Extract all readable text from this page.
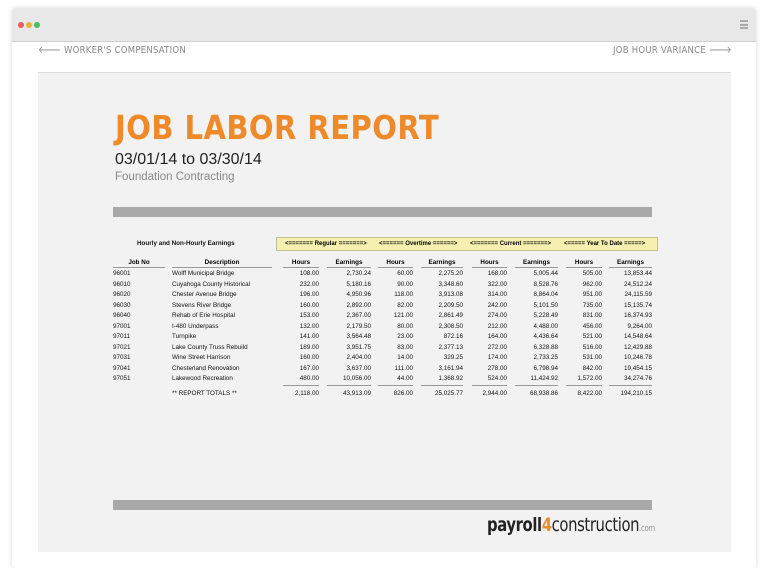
🡐 WORKER'S COMPENSATION	JOB HOUR VARIANCE 🡒
JOB LABOR REPORT
03/01/14 to 03/30/14
Foundation Contracting
Hourly and Non-Hourly Earnings	<======= Regular =======> <====== Overtime ======> <======= Current =======> <===== Year To Date =====>
Job No	Description	Hours	Earnings	Hours	Earnings	Hours	Earnings	Hours	Earnings
96001	Wolff Municipal Bridge	108.00	2,730.24	60.00	2,275.20	168.00	5,005.44	505.00	13,853.44
96010	Cuyahoga County Historical	232.00	5,180.16	90.00	3,348.60	322.00	8,528.76	962.00	24,512.24
96020	Chester Avenue Bridge	196.00	4,950.96	118.00	3,913.08	314.00	8,864.04	951.00	24,115.59
96030	Stevens River Bridge	160.00	2,892.00	82.00	2,209.50	242.00	5,101.50	735.00	15,135.74
96040	Rehab of Erie Hospital	153.00	2,367.00	121.00	2,861.49	274.00	5,228.49	831.00	16,374.93
97001	I-480 Underpass	132.00	2,179.50	80.00	2,308.50	212.00	4,488.00	456.00	9,264.00
97011	Turnpike	141.00	3,564.48	23.00	872.16	164.00	4,436.64	521.00	14,548.64
97021	Lake County Truss Rebuild	189.00	3,951.75	83.00	2,377.13	272.00	6,328.88	516.00	12,429.88
97031	Wine Street Harrison	160.00	2,404.00	14.00	329.25	174.00	2,733.25	531.00	10,246.78
97041	Chesterland Renovation	167.00	3,637.00	111.00	3,161.94	278.00	6,798.94	842.00	19,454.15
97051	Lakewood Recreation	480.00	10,056.00	44.00	1,368.92	524.00	11,424.92	1,572.00	34,274.76
** REPORT TOTALS **	2,118.00	43,913.09	826.00	25,025.77	2,944.00	68,938.86	8,422.00	194,210.15
payroll4construction.com
